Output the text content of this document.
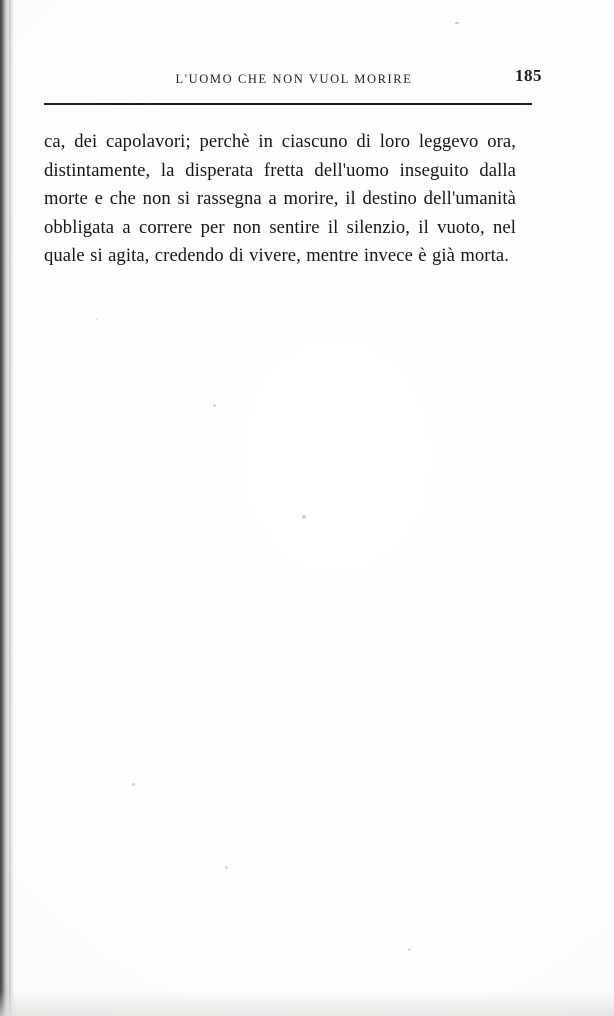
L'UOMO CHE NON VUOL MORIRE	185

ca, dei capolavori; perchè in ciascuno di loro leggevo ora, distintamente, la disperata fretta dell'uomo inseguito dalla morte e che non si rassegna a morire, il destino dell'umanità obbligata a correre per non sentire il silenzio, il vuoto, nel quale si agita, credendo di vivere, mentre invece è già morta.
